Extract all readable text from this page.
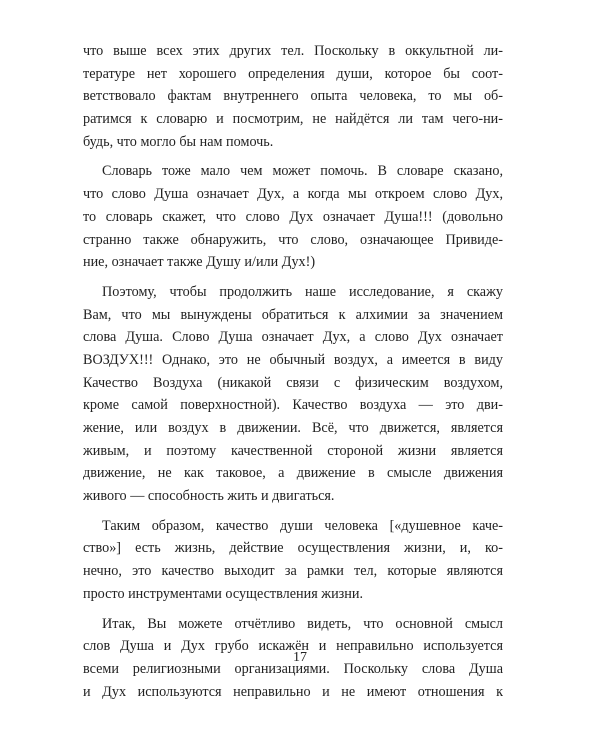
что выше всех этих других тел. Поскольку в оккультной ли-
тературе нет хорошего определения души, которое бы соот-
ветствовало фактам внутреннего опыта человека, то мы об-
ратимся к словарю и посмотрим, не найдётся ли там чего-ни-
будь, что могло бы нам помочь.
Словарь тоже мало чем может помочь. В словаре сказано,
что слово Душа означает Дух, а когда мы откроем слово Дух,
то словарь скажет, что слово Дух означает Душа!!! (довольно
странно также обнаружить, что слово, означающее Привиде-
ние, означает также Душу и/или Дух!)
Поэтому, чтобы продолжить наше исследование, я скажу
Вам, что мы вынуждены обратиться к алхимии за значением
слова Душа. Слово Душа означает Дух, а слово Дух означает
ВОЗДУХ!!! Однако, это не обычный воздух, а имеется в виду
Качество Воздуха (никакой связи с физическим воздухом,
кроме самой поверхностной). Качество воздуха — это дви-
жение, или воздух в движении. Всё, что движется, является
живым, и поэтому качественной стороной жизни является
движение, не как таковое, а движение в смысле движения
живого — способность жить и двигаться.
Таким образом, качество души человека [«душевное каче-
ство»] есть жизнь, действие осуществления жизни, и, ко-
нечно, это качество выходит за рамки тел, которые являются
просто инструментами осуществления жизни.
Итак, Вы можете отчётливо видеть, что основной смысл
слов Душа и Дух грубо искажён и неправильно используется
всеми религиозными организациями. Поскольку слова Душа
и Дух используются неправильно и не имеют отношения к
17
